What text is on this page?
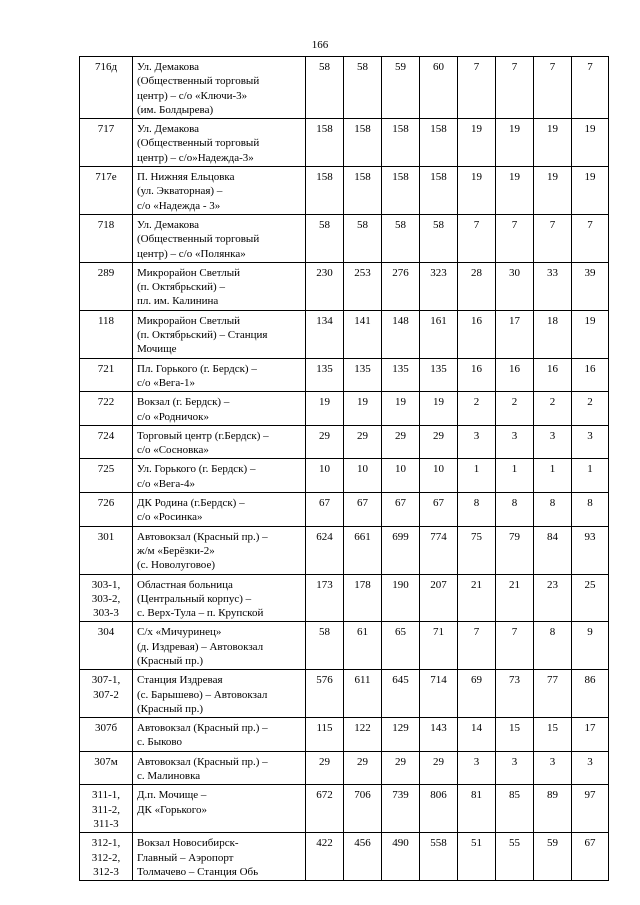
166
716д	Ул. Демакова
(Общественный торговый
центр) – с/о «Ключи-3»
(им. Болдырева)	58	58	59	60	7	7	7	7

717	Ул. Демакова
(Общественный торговый
центр) – с/о»Надежда-3»	158	158	158	158	19	19	19	19

717е	П. Нижняя Ельцовка
(ул. Экваторная) –
с/о «Надежда - 3»	158	158	158	158	19	19	19	19

718	Ул. Демакова
(Общественный торговый
центр) – с/о «Полянка»	58	58	58	58	7	7	7	7

289	Микрорайон Светлый
(п. Октябрьский) –
пл. им. Калинина	230	253	276	323	28	30	33	39

118	Микрорайон Светлый
(п. Октябрьский) – Станция
Мочище	134	141	148	161	16	17	18	19

721	Пл. Горького (г. Бердск) –
с/о «Вега-1»	135	135	135	135	16	16	16	16

722	Вокзал (г. Бердск) –
с/о «Родничок»	19	19	19	19	2	2	2	2

724	Торговый центр (г.Бердск) –
с/о «Сосновка»	29	29	29	29	3	3	3	3

725	Ул. Горького (г. Бердск) –
с/о «Вега-4»	10	10	10	10	1	1	1	1

726	ДК Родина (г.Бердск) –
с/о «Росинка»	67	67	67	67	8	8	8	8

301	Автовокзал (Красный пр.) –
ж/м «Берёзки-2»
(с. Новолуговое)	624	661	699	774	75	79	84	93

303-1,
303-2,
303-3	Областная больница
(Центральный корпус) –
с. Верх-Тула – п. Крупской	173	178	190	207	21	21	23	25

304	С/х «Мичуринец»
(д. Издревая) – Автовокзал
(Красный пр.)	58	61	65	71	7	7	8	9

307-1,
307-2	Станция Издревая
(с. Барышево) – Автовокзал
(Красный пр.)	576	611	645	714	69	73	77	86

307б	Автовокзал (Красный пр.) –
с. Быково	115	122	129	143	14	15	15	17

307м	Автовокзал (Красный пр.) –
с. Малиновка	29	29	29	29	3	3	3	3

311-1,
311-2,
311-3	Д.п. Мочище –
ДК «Горького»	672	706	739	806	81	85	89	97

312-1,
312-2,
312-3	Вокзал Новосибирск-
Главный – Аэропорт
Толмачево – Станция Обь	422	456	490	558	51	55	59	67
